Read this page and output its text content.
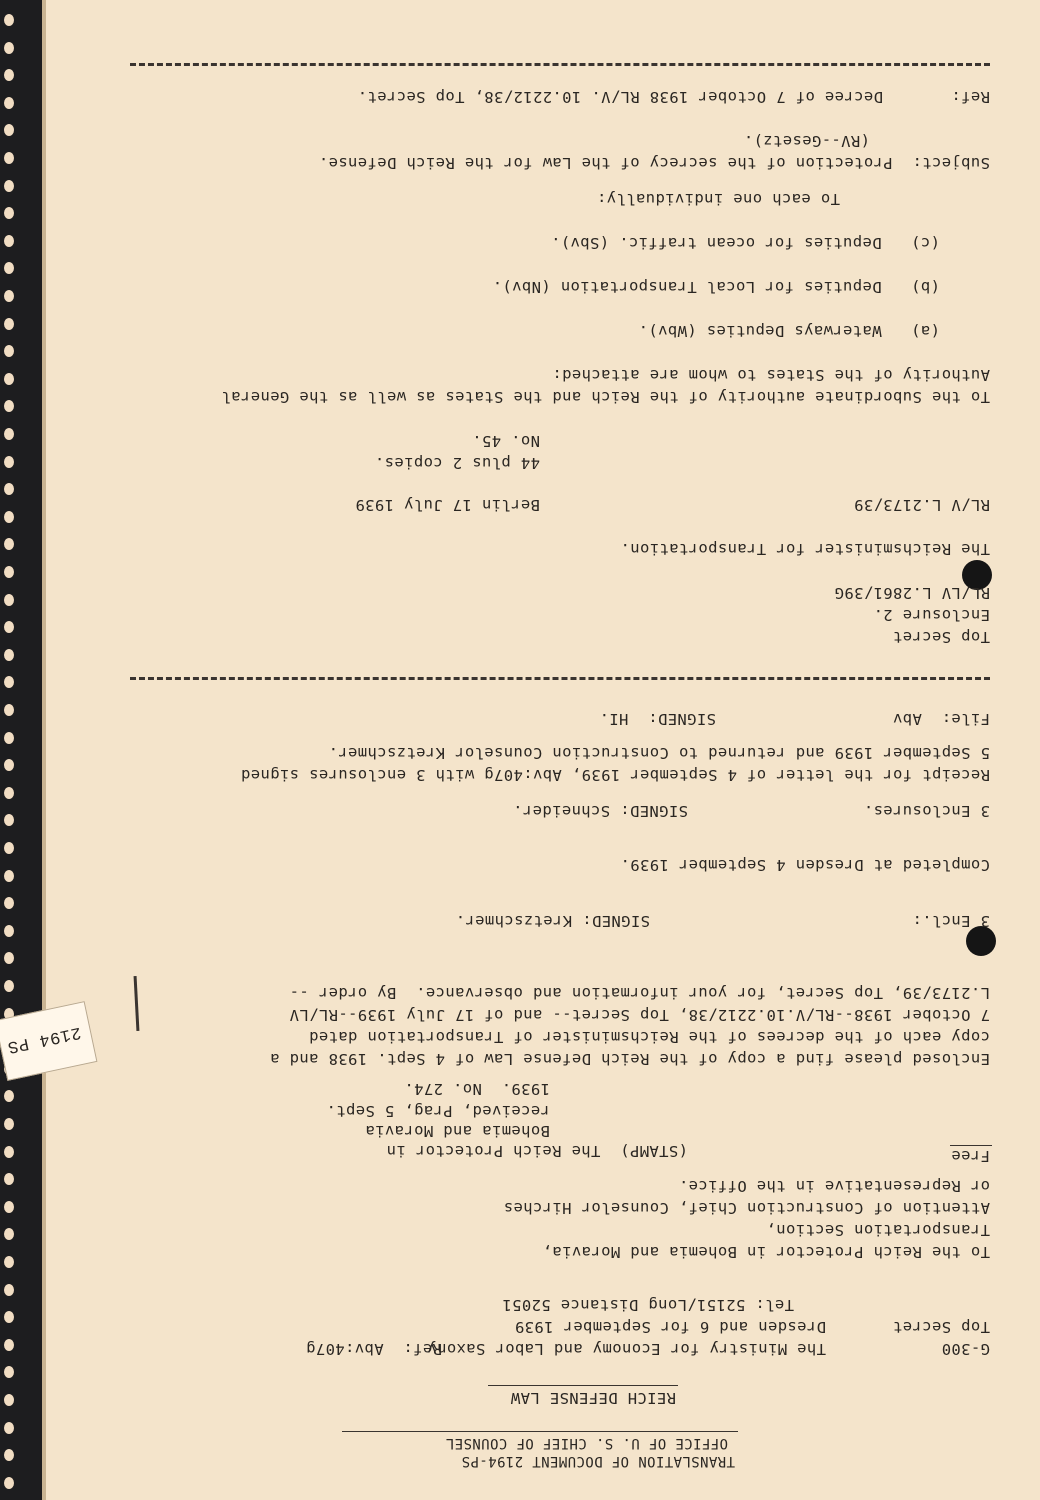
2194 PS
TRANSLATION OF DOCUMENT 2194-PS
OFFICE OF U. S. CHIEF OF COUNSEL
REICH DEFENSE LAW
G-300
Top Secret
The Ministry for Economy and Labor Saxony
Dresden and 6 for September 1939
Ref:  Abv:407g
Tel: 52151/Long Distance 52051
To the Reich Protector in Bohemia and Moravia,
Transportation Section,
Attention of Construction Chief, Counselor Hirches
or Representative in the Office.
Free
(STAMP)  The Reich Protector in
Bohemia and Moravia
received, Prag, 5 Sept.
1939.  No. 274.
Enclosed please find a copy of the Reich Defense Law of 4 Sept. 1938 and a
copy each of the decrees of the Reichsminister of Transportation dated
7 October 1938--RL/V.10.2212/38, Top Secret-- and of 17 July 1939--RL/LV
L.2173/39, Top Secret, for your information and observance.  By order --
3 Encl.:
SIGNED: Kretzschmer.
Completed at Dresden 4 September 1939.
3 Enclosures.
SIGNED: Schneider.
Receipt for the letter of 4 September 1939, Abv:407g with 3 enclosures signed
5 September 1939 and returned to Construction Counselor Kretzschmer.
File:  Abv
SIGNED:  HI.
Top Secret
Enclosure 2.
RL/LV L.2861/39G
The Reichsminister for Transportation.
RL/V L.2173/39
Berlin 17 July 1939
44 plus 2 copies.
No. 45.
To the Subordinate authority of the Reich and the States as well as the General
Authority of the States to whom are attached:
(a)   Waterways Deputies (Wbv).
(b)   Deputies for Local Transportation (Nbv).
(c)   Deputies for ocean traffic. (Sbv).
To each one individually:
Subject:  Protection of the secrecy of the Law for the Reich Defense.
(RV--Gesetz).
Ref:       Decree of 7 October 1938 RL/V. 10.2212/38, Top Secret.
